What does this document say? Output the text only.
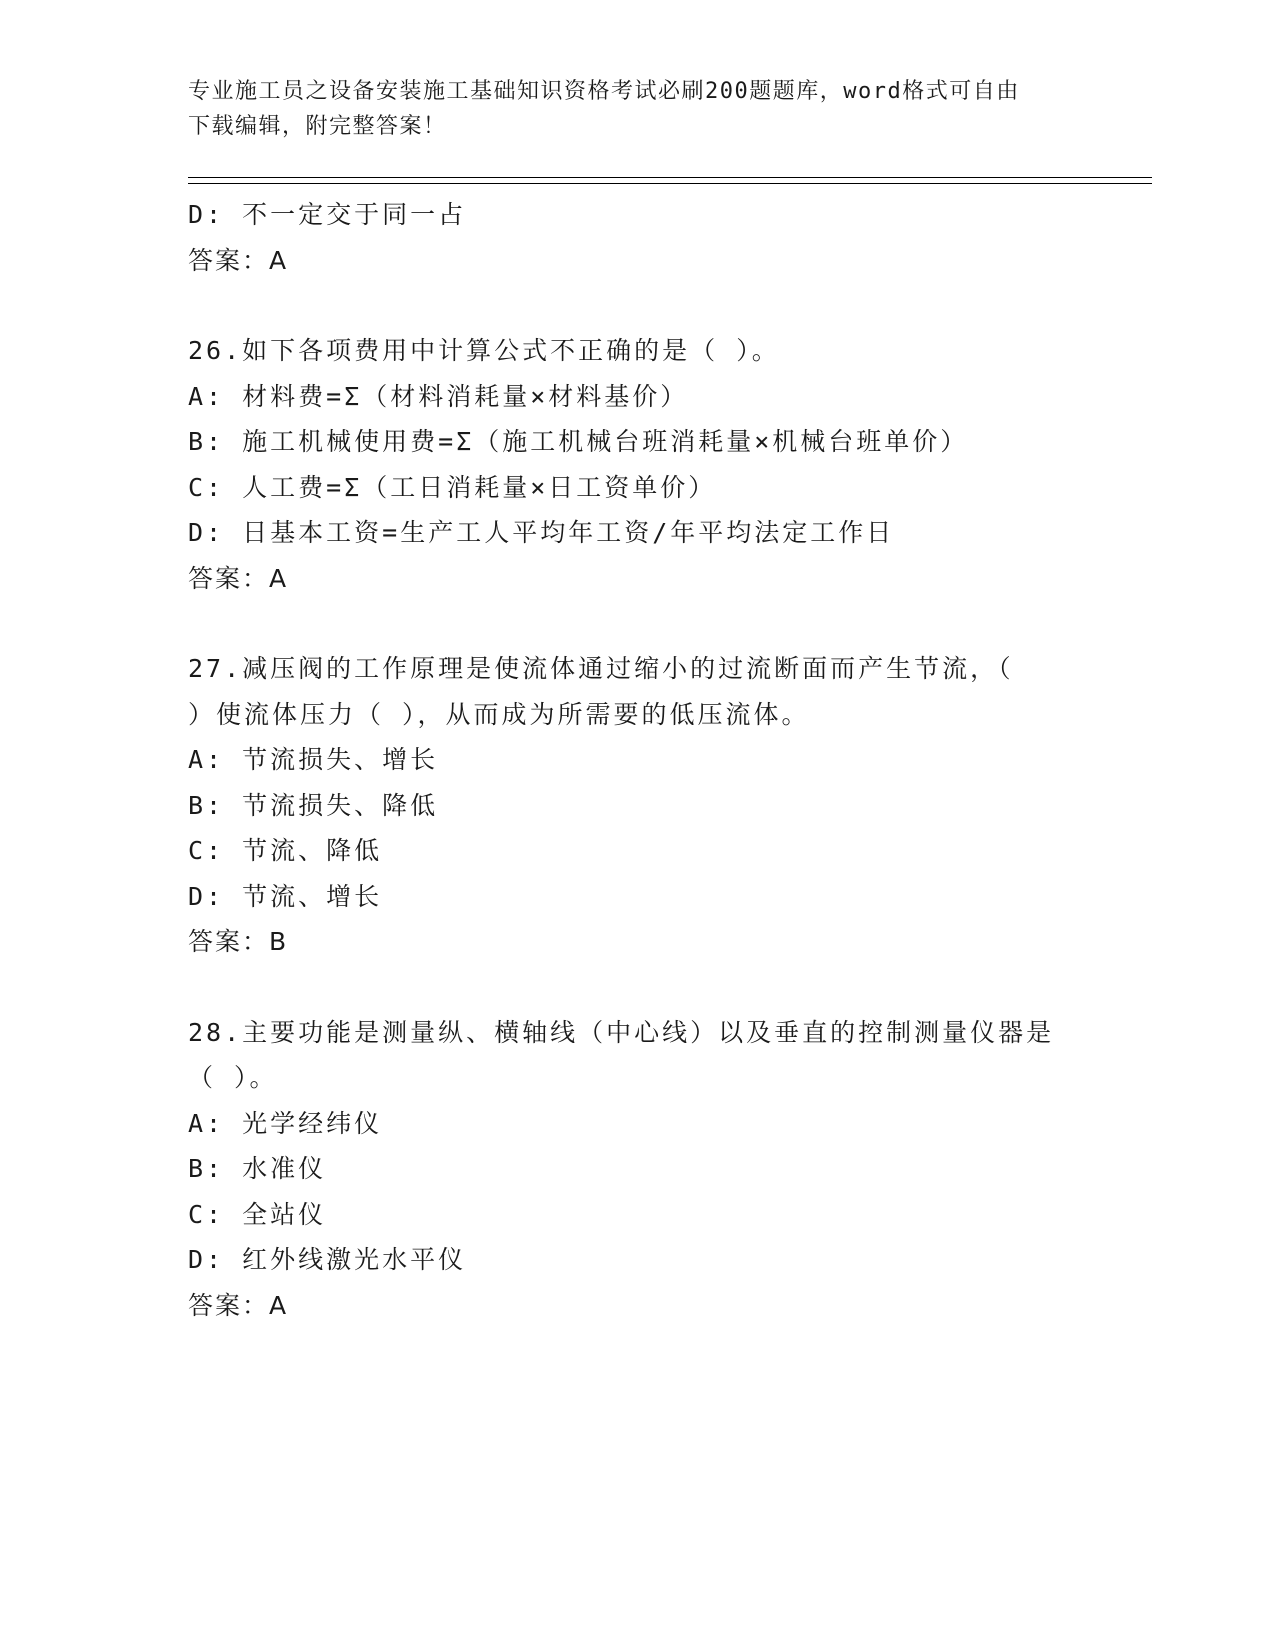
专业施工员之设备安装施工基础知识资格考试必刷200题题库，word格式可自由
下载编辑，附完整答案！
D: 不一定交于同一占
答案：A
26.如下各项费用中计算公式不正确的是（ ）。
A: 材料费=Σ（材料消耗量×材料基价）
B: 施工机械使用费=Σ（施工机械台班消耗量×机械台班单价）
C: 人工费=Σ（工日消耗量×日工资单价）
D: 日基本工资=生产工人平均年工资/年平均法定工作日
答案：A
27.减压阀的工作原理是使流体通过缩小的过流断面而产生节流，（
）使流体压力（ ），从而成为所需要的低压流体。
A: 节流损失、增长
B: 节流损失、降低
C: 节流、降低
D: 节流、增长
答案：B
28.主要功能是测量纵、横轴线（中心线）以及垂直的控制测量仪器是
（ ）。
A: 光学经纬仪
B: 水准仪
C: 全站仪
D: 红外线激光水平仪
答案：A
